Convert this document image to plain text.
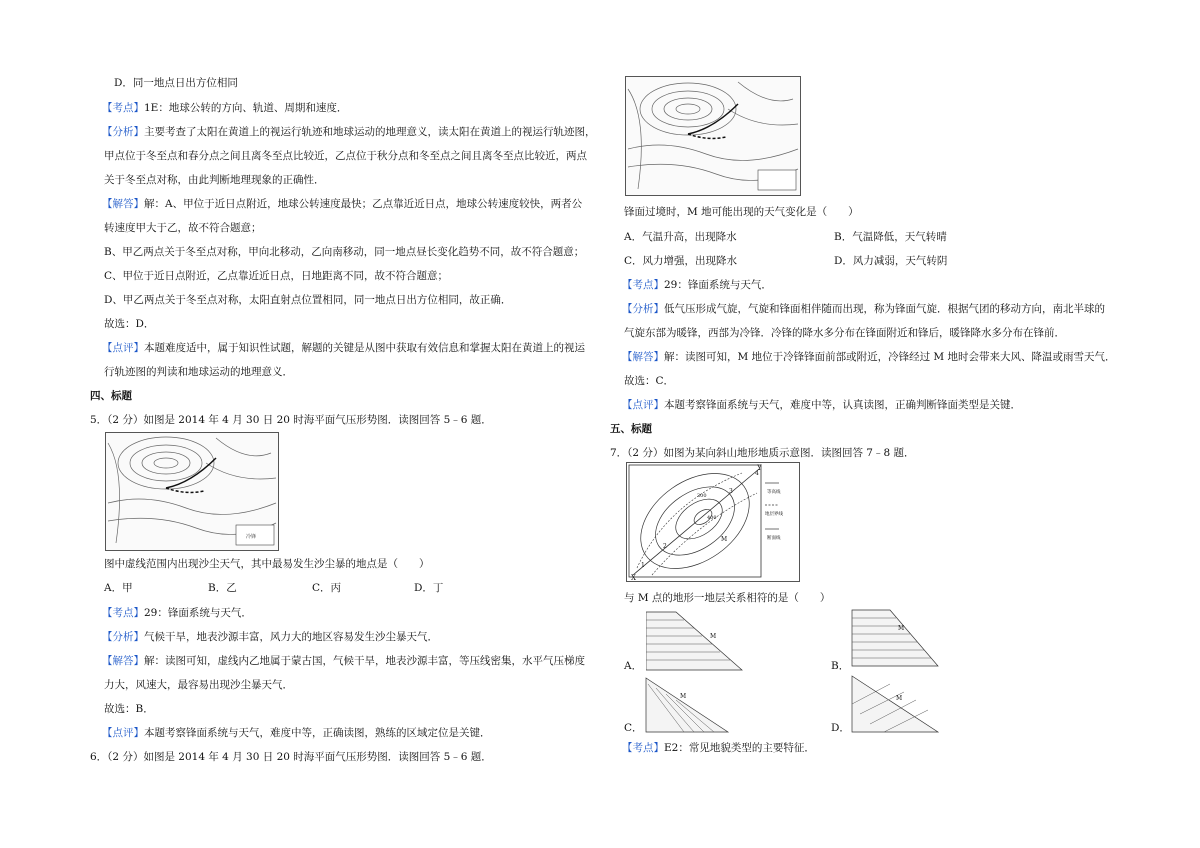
D．同一地点日出方位相同
【考点】1E：地球公转的方向、轨道、周期和速度．
【分析】主要考查了太阳在黄道上的视运行轨迹和地球运动的地理意义，读太阳在黄道上的视运行轨迹图，
甲点位于冬至点和春分点之间且离冬至点比较近，乙点位于秋分点和冬至点之间且离冬至点比较近，两点
关于冬至点对称，由此判断地理现象的正确性．
【解答】解：A、甲位于近日点附近，地球公转速度最快；乙点靠近近日点，地球公转速度较快，两者公
转速度甲大于乙，故不符合题意；
B、甲乙两点关于冬至点对称，甲向北移动，乙向南移动，同一地点昼长变化趋势不同，故不符合题意；
C、甲位于近日点附近，乙点靠近近日点，日地距离不同，故不符合题意；
D、甲乙两点关于冬至点对称，太阳直射点位置相同，同一地点日出方位相同，故正确．
故选：D．
【点评】本题难度适中，属于知识性试题，解题的关键是从图中获取有效信息和掌握太阳在黄道上的视运
行轨迹图的判读和地球运动的地理意义．
四、标题
5．（2 分）如图是 2014 年 4 月 30 日 20 时海平面气压形势图．读图回答 5﹣6 题．
冷锋
图中虚线范围内出现沙尘天气，其中最易发生沙尘暴的地点是（　　）
A．甲	B．乙	C．丙	D．丁
【考点】29：锋面系统与天气．
【分析】气候干旱，地表沙源丰富，风力大的地区容易发生沙尘暴天气．
【解答】解：读图可知，虚线内乙地属于蒙古国，气候干旱，地表沙源丰富，等压线密集，水平气压梯度
力大，风速大，最容易出现沙尘暴天气．
故选：B．
【点评】本题考察锋面系统与天气，难度中等，正确读图，熟练的区域定位是关键．
6．（2 分）如图是 2014 年 4 月 30 日 20 时海平面气压形势图．读图回答 5﹣6 题．
锋面过境时，M 地可能出现的天气变化是（　　）
A．气温升高，出现降水	B．气温降低，天气转晴
C．风力增强，出现降水	D．风力减弱，天气转阴
【考点】29：锋面系统与天气．
【分析】低气压形成气旋，气旋和锋面相伴随而出现，称为锋面气旋．根据气团的移动方向，南北半球的
气旋东部为暖锋，西部为冷锋．冷锋的降水多分布在锋面附近和锋后，暖锋降水多分布在锋前．
【解答】解：读图可知，M 地位于冷锋锋面前部或附近，冷锋经过 M 地时会带来大风、降温或雨雪天气．
故选：C．
【点评】本题考察锋面系统与天气，难度中等，认真读图，正确判断锋面类型是关键．
五、标题
7．（2 分）如图为某向斜山地形地质示意图．读图回答 7﹣8 题．
X
Y
1
2
3
4
M
300
400
等高线
地层界线
断面线
与 M 点的地形一地层关系相符的是（　　）
A．
M
B．
M
C．
M
D．
M
【考点】E2：常见地貌类型的主要特征．
